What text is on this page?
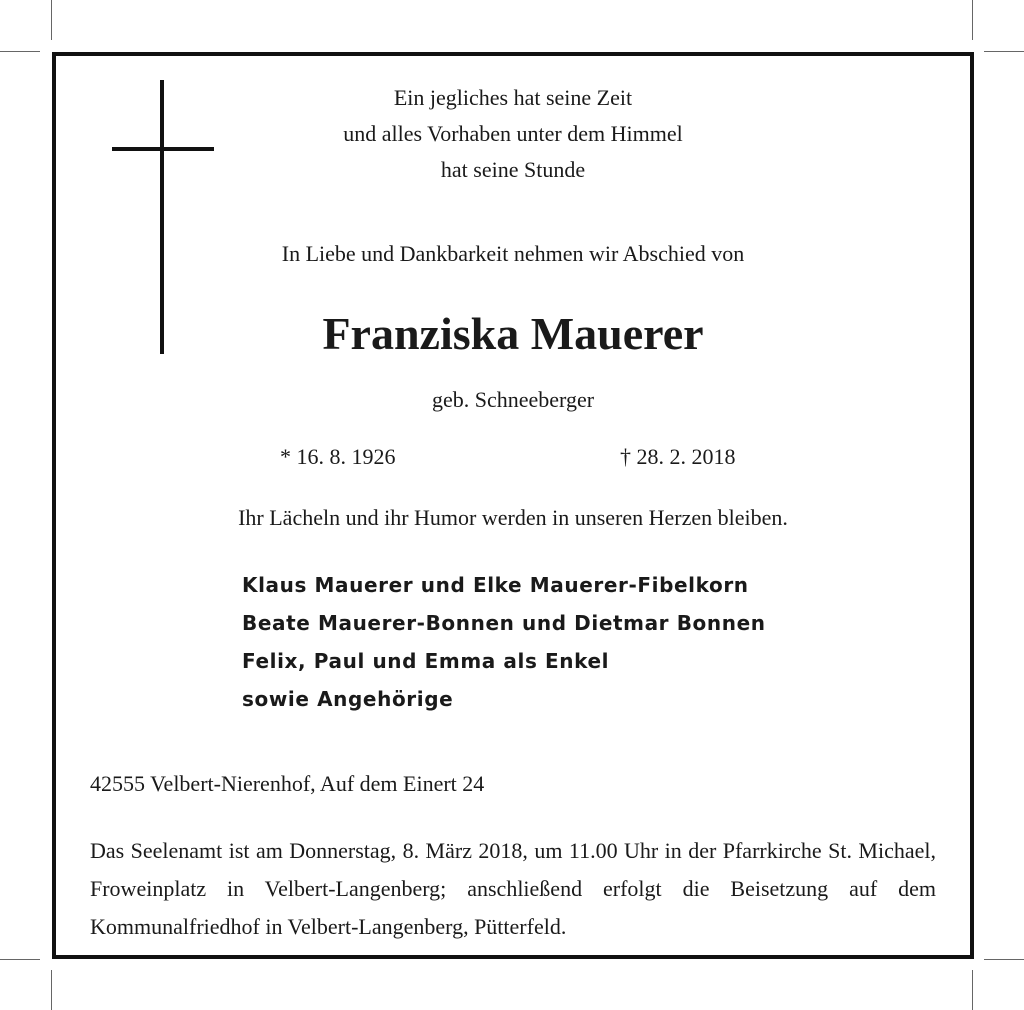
Ein jegliches hat seine Zeit
und alles Vorhaben unter dem Himmel
hat seine Stunde
In Liebe und Dankbarkeit nehmen wir Abschied von
Franziska Mauerer
geb. Schneeberger
* 16. 8. 1926	† 28. 2. 2018
Ihr Lächeln und ihr Humor werden in unseren Herzen bleiben.
Klaus Mauerer und Elke Mauerer-Fibelkorn
Beate Mauerer-Bonnen und Dietmar Bonnen
Felix, Paul und Emma als Enkel
sowie Angehörige
42555 Velbert-Nierenhof, Auf dem Einert 24
Das Seelenamt ist am Donnerstag, 8. März 2018, um 11.00 Uhr in der Pfarrkirche St. Michael, Froweinplatz in Velbert-Langenberg; anschließend erfolgt die Beisetzung auf dem Kommunalfriedhof in Velbert-Langenberg, Pütterfeld.
